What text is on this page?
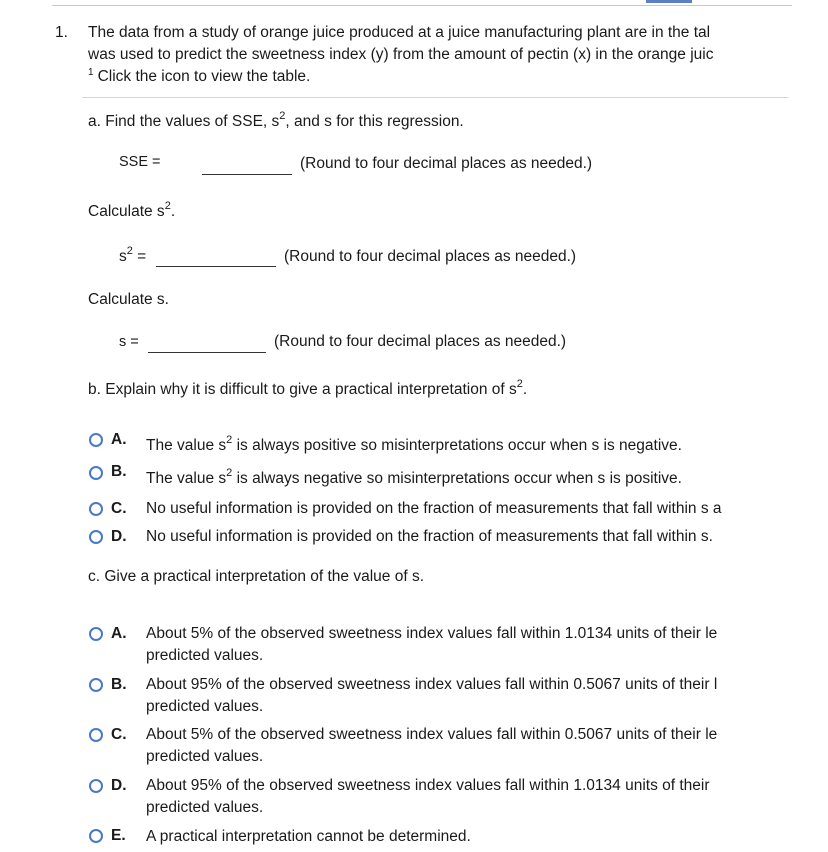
1. The data from a study of orange juice produced at a juice manufacturing plant are in the tal
was used to predict the sweetness index (y) from the amount of pectin (x) in the orange juic
$^1$ Click the icon to view the table.
a. Find the values of SSE, $s^2$, and s for this regression.
SSE =	(Round to four decimal places as needed.)
Calculate $s^2$.
$s^2$ =	(Round to four decimal places as needed.)
Calculate s.
s =	(Round to four decimal places as needed.)
b. Explain why it is difficult to give a practical interpretation of $s^2$.
A. The value $s^2$ is always positive so misinterpretations occur when s is negative.
B. The value $s^2$ is always negative so misinterpretations occur when s is positive.
C. No useful information is provided on the fraction of measurements that fall within s a
D. No useful information is provided on the fraction of measurements that fall within s.
c. Give a practical interpretation of the value of s.
A. About 5% of the observed sweetness index values fall within 1.0134 units of their le
predicted values.
B. About 95% of the observed sweetness index values fall within 0.5067 units of their l
predicted values.
C. About 5% of the observed sweetness index values fall within 0.5067 units of their le
predicted values.
D. About 95% of the observed sweetness index values fall within 1.0134 units of their
predicted values.
E. A practical interpretation cannot be determined.
